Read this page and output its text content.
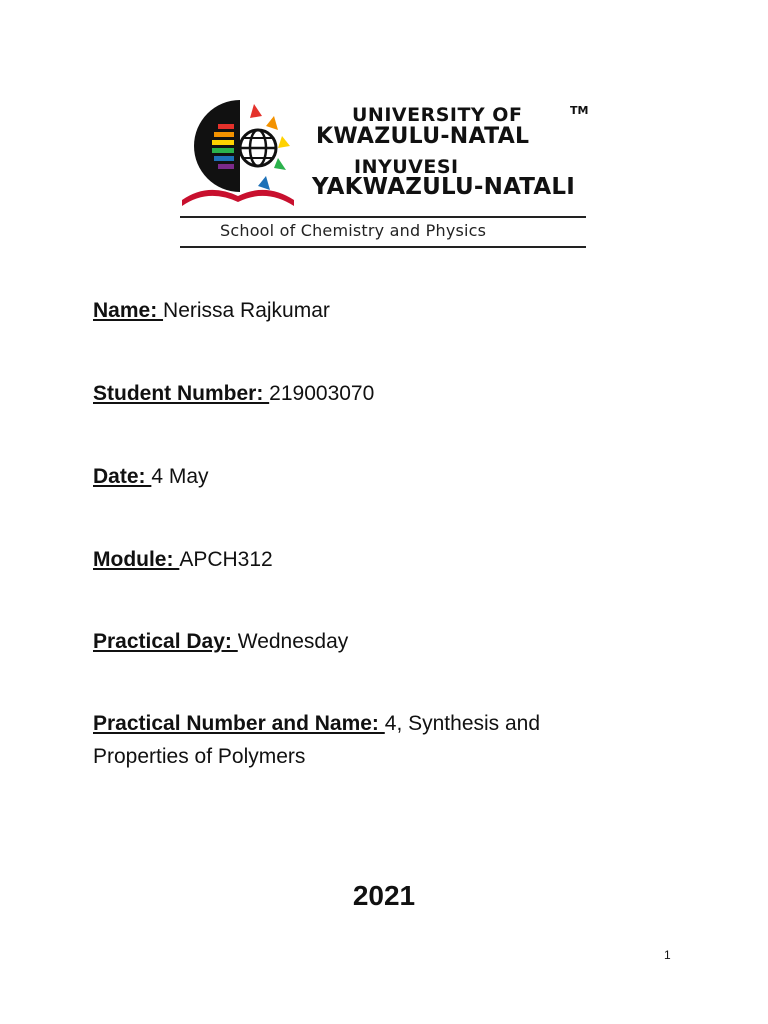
UNIVERSITY OF	TM
KWAZULU-NATAL
INYUVESI
YAKWAZULU-NATALI
School of Chemistry and Physics
Name: Nerissa Rajkumar
Student Number: 219003070
Date: 4 May
Module: APCH312
Practical Day: Wednesday
Practical Number and Name: 4, Synthesis and Properties of Polymers
2021
1
